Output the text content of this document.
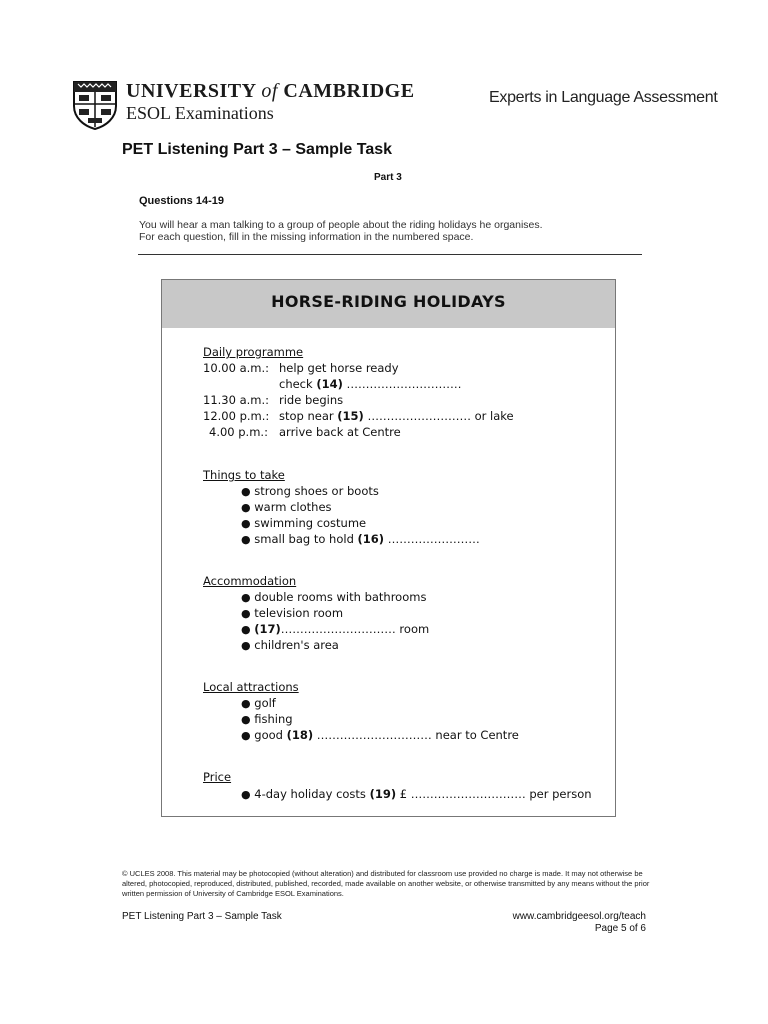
UNIVERSITY of CAMBRIDGE
ESOL Examinations
Experts in Language Assessment
PET Listening Part 3 – Sample Task
Part 3
Questions 14-19
You will hear a man talking to a group of people about the riding holidays he organises.
For each question, fill in the missing information in the numbered space.
HORSE-RIDING HOLIDAYS
Daily programme
10.00 a.m.: help get horse ready
check (14) …………………………
11.30 a.m.: ride begins
12.00 p.m.: stop near (15) ……………………… or lake
4.00 p.m.: arrive back at Centre
Things to take
● strong shoes or boots
● warm clothes
● swimming costume
● small bag to hold (16) ……………………
Accommodation
● double rooms with bathrooms
● television room
● (17)………………………… room
● children's area
Local attractions
● golf
● fishing
● good (18) ………………………… near to Centre
Price
● 4-day holiday costs (19) £ ………………………… per person
© UCLES 2008. This material may be photocopied (without alteration) and distributed for classroom use provided no charge is made. It may not otherwise be altered, photocopied, reproduced, distributed, published, recorded, made available on another website, or otherwise transmitted by any means without the prior written permission of University of Cambridge ESOL Examinations.
PET Listening Part 3 – Sample Task	www.cambridgeesol.org/teach
Page 5 of 6
